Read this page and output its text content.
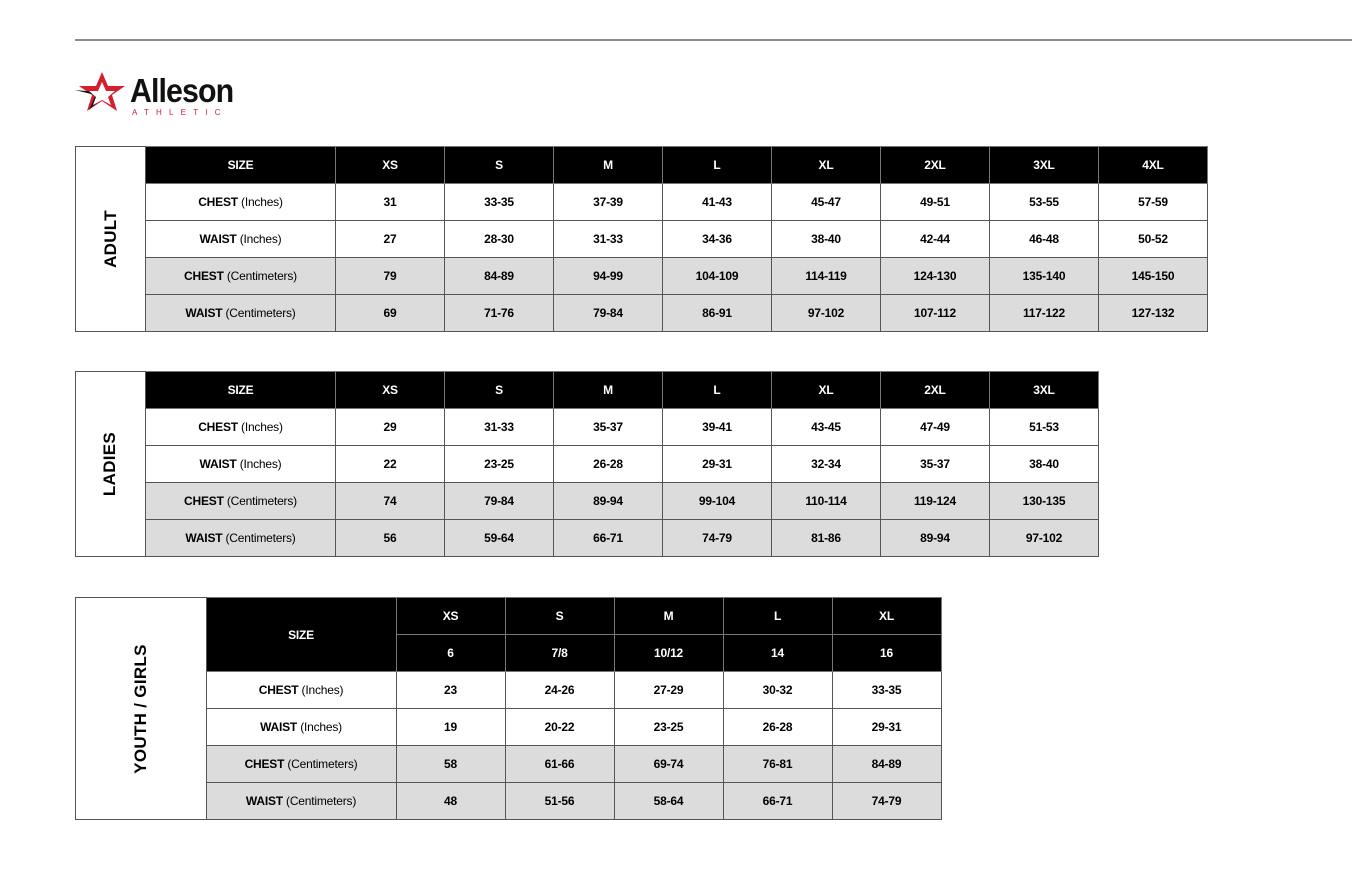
Alleson
ATHLETIC
ADULT	SIZE	XS	S	M	L	XL	2XL	3XL	4XL
	CHEST (Inches)	31	33-35	37-39	41-43	45-47	49-51	53-55	57-59
	WAIST (Inches)	27	28-30	31-33	34-36	38-40	42-44	46-48	50-52
	CHEST (Centimeters)	79	84-89	94-99	104-109	114-119	124-130	135-140	145-150
	WAIST (Centimeters)	69	71-76	79-84	86-91	97-102	107-112	117-122	127-132
LADIES	SIZE	XS	S	M	L	XL	2XL	3XL
	CHEST (Inches)	29	31-33	35-37	39-41	43-45	47-49	51-53
	WAIST (Inches)	22	23-25	26-28	29-31	32-34	35-37	38-40
	CHEST (Centimeters)	74	79-84	89-94	99-104	110-114	119-124	130-135
	WAIST (Centimeters)	56	59-64	66-71	74-79	81-86	89-94	97-102
YOUTH / GIRLS	SIZE	XS	S	M	L	XL
		6	7/8	10/12	14	16
	CHEST (Inches)	23	24-26	27-29	30-32	33-35
	WAIST (Inches)	19	20-22	23-25	26-28	29-31
	CHEST (Centimeters)	58	61-66	69-74	76-81	84-89
	WAIST (Centimeters)	48	51-56	58-64	66-71	74-79
